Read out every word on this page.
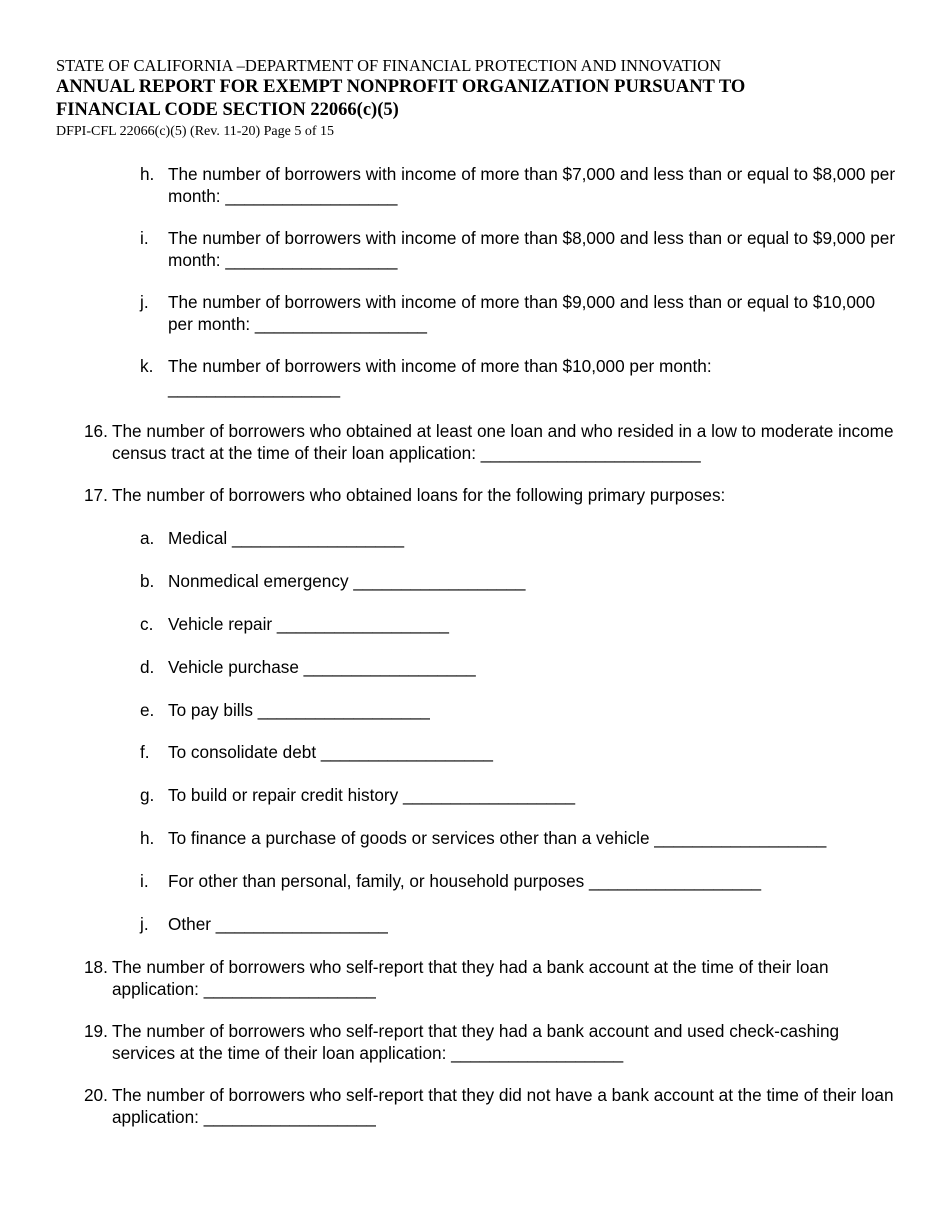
STATE OF CALIFORNIA –DEPARTMENT OF FINANCIAL PROTECTION AND INNOVATION
ANNUAL REPORT FOR EXEMPT NONPROFIT ORGANIZATION PURSUANT TO
FINANCIAL CODE SECTION 22066(c)(5)
DFPI-CFL 22066(c)(5) (Rev. 11-20) Page 5 of 15
h. The number of borrowers with income of more than $7,000 and less than or equal to $8,000 per month: __________________
i. The number of borrowers with income of more than $8,000 and less than or equal to $9,000 per month: __________________
j. The number of borrowers with income of more than $9,000 and less than or equal to $10,000 per month: __________________
k. The number of borrowers with income of more than $10,000 per month:
__________________
16. The number of borrowers who obtained at least one loan and who resided in a low to moderate income census tract at the time of their loan application: _______________________
17. The number of borrowers who obtained loans for the following primary purposes:
a. Medical __________________
b. Nonmedical emergency __________________
c. Vehicle repair __________________
d. Vehicle purchase __________________
e. To pay bills __________________
f. To consolidate debt __________________
g. To build or repair credit history __________________
h. To finance a purchase of goods or services other than a vehicle __________________
i. For other than personal, family, or household purposes __________________
j. Other __________________
18. The number of borrowers who self-report that they had a bank account at the time of their loan application: __________________
19. The number of borrowers who self-report that they had a bank account and used check-cashing services at the time of their loan application: __________________
20. The number of borrowers who self-report that they did not have a bank account at the time of their loan application: __________________
